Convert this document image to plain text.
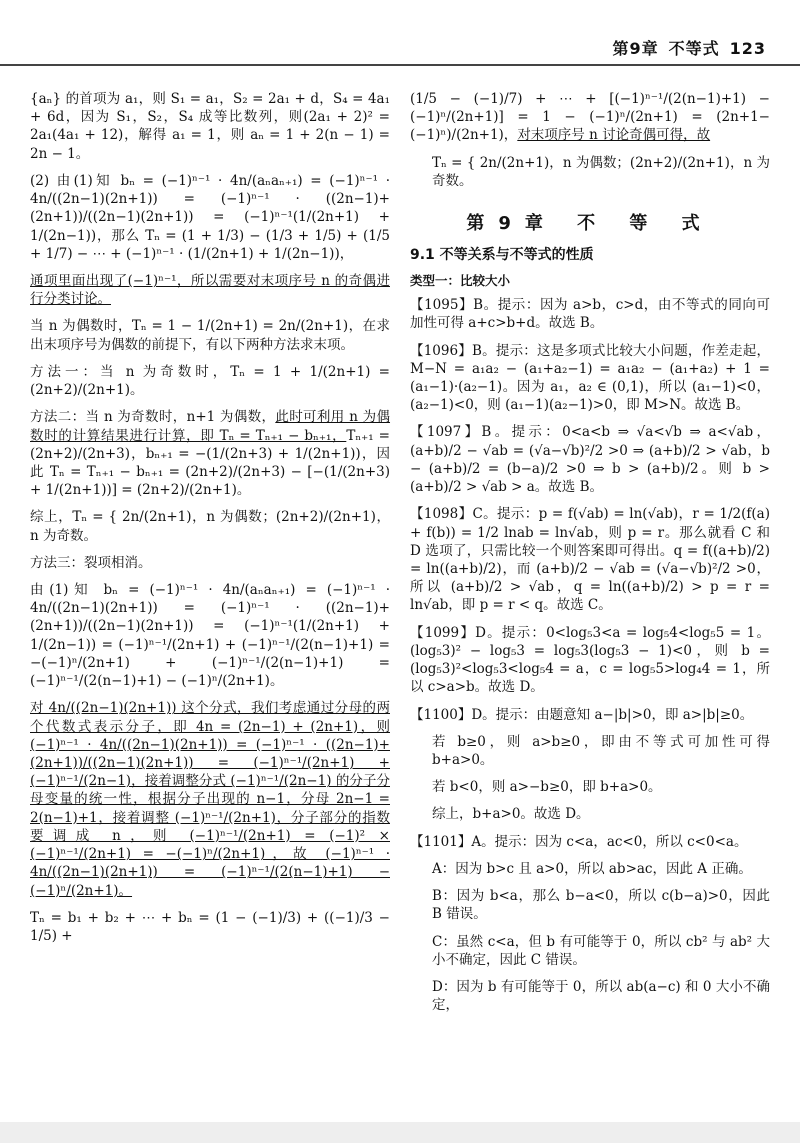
第9章 不等式 123

{aₙ} 的首项为 a₁，则 S₁ = a₁，S₂ = 2a₁ + d，S₄ = 4a₁ + 6d，因为 S₁，S₂，S₄ 成等比数列，则(2a₁ + 2)² = 2a₁(4a₁ + 12)，解得 a₁ = 1，则 aₙ = 1 + 2(n − 1) = 2n − 1。

(2) 由(1)知 bₙ = (−1)ⁿ⁻¹ · 4n/(aₙaₙ₊₁) = (−1)ⁿ⁻¹ · 4n/((2n−1)(2n+1)) = (−1)ⁿ⁻¹ · ((2n−1)+(2n+1))/((2n−1)(2n+1)) = (−1)ⁿ⁻¹(1/(2n+1) + 1/(2n−1))，那么 Tₙ = (1 + 1/3) − (1/3 + 1/5) + (1/5 + 1/7) − ⋯ + (−1)ⁿ⁻¹ · (1/(2n+1) + 1/(2n−1))，

通项里面出现了(−1)ⁿ⁻¹，所以需要对末项序号 n 的奇偶进行分类讨论。

当 n 为偶数时，Tₙ = 1 − 1/(2n+1) = 2n/(2n+1)，在求出末项序号为偶数的前提下，有以下两种方法求末项。

方法一：当 n 为奇数时，Tₙ = 1 + 1/(2n+1) = (2n+2)/(2n+1)。

方法二：当 n 为奇数时，n+1 为偶数，此时可利用 n 为偶数时的计算结果进行计算，即 Tₙ = Tₙ₊₁ − bₙ₊₁，Tₙ₊₁ = (2n+2)/(2n+3)，bₙ₊₁ = −(1/(2n+3) + 1/(2n+1))，因此 Tₙ = Tₙ₊₁ − bₙ₊₁ = (2n+2)/(2n+3) − [−(1/(2n+3) + 1/(2n+1))] = (2n+2)/(2n+1)。

综上，Tₙ = { 2n/(2n+1)，n 为偶数；(2n+2)/(2n+1)，n 为奇数。

方法三：裂项相消。

由(1)知 bₙ = (−1)ⁿ⁻¹ · 4n/(aₙaₙ₊₁) = (−1)ⁿ⁻¹ · 4n/((2n−1)(2n+1)) = (−1)ⁿ⁻¹ · ((2n−1)+(2n+1))/((2n−1)(2n+1)) = (−1)ⁿ⁻¹(1/(2n+1) + 1/(2n−1)) = (−1)ⁿ⁻¹/(2n+1) + (−1)ⁿ⁻¹/(2(n−1)+1) = −(−1)ⁿ/(2n+1) + (−1)ⁿ⁻¹/(2(n−1)+1) = (−1)ⁿ⁻¹/(2(n−1)+1) − (−1)ⁿ/(2n+1)。

对 4n/((2n−1)(2n+1)) 这个分式，我们考虑通过分母的两个代数式表示分子，即 4n = (2n−1) + (2n+1)，则 (−1)ⁿ⁻¹ · 4n/((2n−1)(2n+1)) = (−1)ⁿ⁻¹ · ((2n−1)+(2n+1))/((2n−1)(2n+1)) = (−1)ⁿ⁻¹/(2n+1) + (−1)ⁿ⁻¹/(2n−1)，接着调整分式 (−1)ⁿ⁻¹/(2n−1) 的分子分母变量的统一性，根据分子出现的 n−1，分母 2n−1 = 2(n−1)+1，接着调整 (−1)ⁿ⁻¹/(2n+1)，分子部分的指数要调成 n，则 (−1)ⁿ⁻¹/(2n+1) = (−1)² × (−1)ⁿ⁻¹/(2n+1) = −(−1)ⁿ/(2n+1)，故 (−1)ⁿ⁻¹ · 4n/((2n−1)(2n+1)) = (−1)ⁿ⁻¹/(2(n−1)+1) − (−1)ⁿ/(2n+1)。

Tₙ = b₁ + b₂ + ⋯ + bₙ = (1 − (−1)/3) + ((−1)/3 − 1/5) +

(1/5 − (−1)/7) + ⋯ + [(−1)ⁿ⁻¹/(2(n−1)+1) − (−1)ⁿ/(2n+1)] = 1 − (−1)ⁿ/(2n+1) = (2n+1−(−1)ⁿ)/(2n+1)，对末项序号 n 讨论奇偶可得，故

Tₙ = { 2n/(2n+1)，n 为偶数；(2n+2)/(2n+1)，n 为奇数。

第9章 不 等 式
9.1 不等关系与不等式的性质
类型一：比较大小

【1095】B。提示：因为 a>b，c>d，由不等式的同向可加性可得 a+c>b+d。故选 B。

【1096】B。提示：这是多项式比较大小问题，作差走起，M−N = a₁a₂ − (a₁+a₂−1) = a₁a₂ − (a₁+a₂) + 1 = (a₁−1)·(a₂−1)。因为 a₁，a₂ ∈ (0,1)，所以 (a₁−1)<0，(a₂−1)<0，则 (a₁−1)(a₂−1)>0，即 M>N。故选 B。

【1097】B。提示：0<a<b ⇒ √a<√b ⇒ a<√ab，(a+b)/2 − √ab = (√a−√b)²/2 >0 ⇒ (a+b)/2 > √ab，b − (a+b)/2 = (b−a)/2 >0 ⇒ b > (a+b)/2。则 b > (a+b)/2 > √ab > a。故选 B。

【1098】C。提示：p = f(√ab) = ln(√ab)，r = 1/2(f(a) + f(b)) = 1/2 lnab = ln√ab，则 p = r。那么就看 C 和 D 选项了，只需比较一个则答案即可得出。q = f((a+b)/2) = ln((a+b)/2)，而 (a+b)/2 − √ab = (√a−√b)²/2 >0，所以 (a+b)/2 > √ab，q = ln((a+b)/2) > p = r = ln√ab，即 p = r < q。故选 C。

【1099】D。提示：0<log₅3<a = log₅4<log₅5 = 1。(log₅3)² − log₅3 = log₅3(log₅3 − 1)<0，则 b = (log₅3)²<log₅3<log₅4 = a，c = log₅5>log₄4 = 1，所以 c>a>b。故选 D。

【1100】D。提示：由题意知 a−|b|>0，即 a>|b|≥0。

若 b≥0，则 a>b≥0，即由不等式可加性可得 b+a>0。

若 b<0，则 a>−b≥0，即 b+a>0。

综上，b+a>0。故选 D。

【1101】A。提示：因为 c<a，ac<0，所以 c<0<a。

A：因为 b>c 且 a>0，所以 ab>ac，因此 A 正确。

B：因为 b<a，那么 b−a<0，所以 c(b−a)>0，因此 B 错误。

C：虽然 c<a，但 b 有可能等于 0，所以 cb² 与 ab² 大小不确定，因此 C 错误。

D：因为 b 有可能等于 0，所以 ab(a−c) 和 0 大小不确定，
